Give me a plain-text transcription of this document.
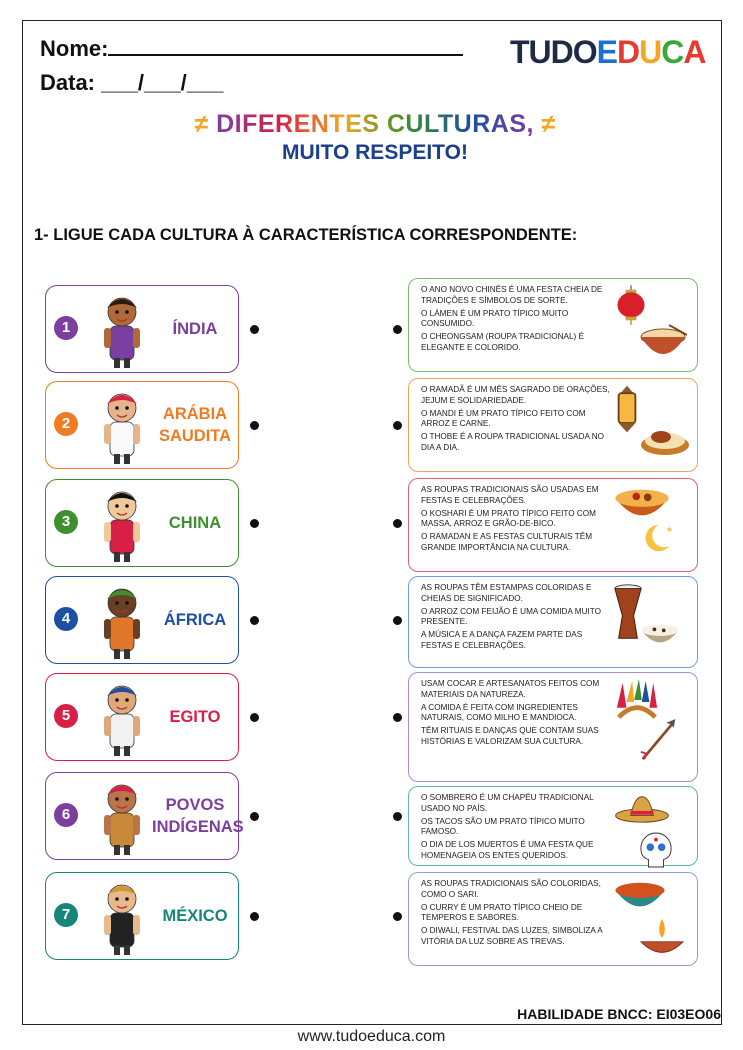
Nome:
Data: ___/___/___
TUDOEDUCA
≠ DIFERENTES CULTURAS, ≠
MUITO RESPEITO!
1- LIGUE CADA CULTURA À CARACTERÍSTICA CORRESPONDENTE:
1	ÍNDIA
2
ARÁBIA
SAUDITA
3	CHINA
4	ÁFRICA
5	EGITO
6
POVOS
INDÍGENAS
7	MÉXICO

O ANO NOVO CHINÊS É UMA FESTA CHEIA DE TRADIÇÕES E SÍMBOLOS DE SORTE.

O LÁMEN É UM PRATO TÍPICO MUITO CONSUMIDO.

O CHEONGSAM (ROUPA TRADICIONAL) É ELEGANTE E COLORIDO.

O RAMADÃ É UM MÊS SAGRADO DE ORAÇÕES, JEJUM E SOLIDARIEDADE.

O MANDI É UM PRATO TÍPICO FEITO COM ARROZ E CARNE.

O THOBE É A ROUPA TRADICIONAL USADA NO DIA A DIA.

AS ROUPAS TRADICIONAIS SÃO USADAS EM FESTAS E CELEBRAÇÕES.

O KOSHARI É UM PRATO TÍPICO FEITO COM MASSA, ARROZ E GRÃO-DE-BICO.

O RAMADAN E AS FESTAS CULTURAIS TÊM GRANDE IMPORTÂNCIA NA CULTURA.

★

AS ROUPAS TÊM ESTAMPAS COLORIDAS E CHEIAS DE SIGNIFICADO.

O ARROZ COM FEIJÃO É UMA COMIDA MUITO PRESENTE.

A MÚSICA E A DANÇA FAZEM PARTE DAS FESTAS E CELEBRAÇÕES.

USAM COCAR E ARTESANATOS FEITOS COM MATERIAIS DA NATUREZA.

A COMIDA É FEITA COM INGREDIENTES NATURAIS, COMO MILHO E MANDIOCA.

TÊM RITUAIS E DANÇAS QUE CONTAM SUAS HISTÓRIAS E VALORIZAM SUA CULTURA.

O SOMBRERO É UM CHAPÉU TRADICIONAL USADO NO PAÍS.

OS TACOS SÃO UM PRATO TÍPICO MUITO FAMOSO.

O DIA DE LOS MUERTOS É UMA FESTA QUE HOMENAGEIA OS ENTES QUERIDOS.

AS ROUPAS TRADICIONAIS SÃO COLORIDAS, COMO O SARI.

O CURRY É UM PRATO TÍPICO CHEIO DE TEMPEROS E SABORES.

O DIWALI, FESTIVAL DAS LUZES, SIMBOLIZA A VITÓRIA DA LUZ SOBRE AS TREVAS.

HABILIDADE BNCC: EI03EO06
www.tudoeduca.com
